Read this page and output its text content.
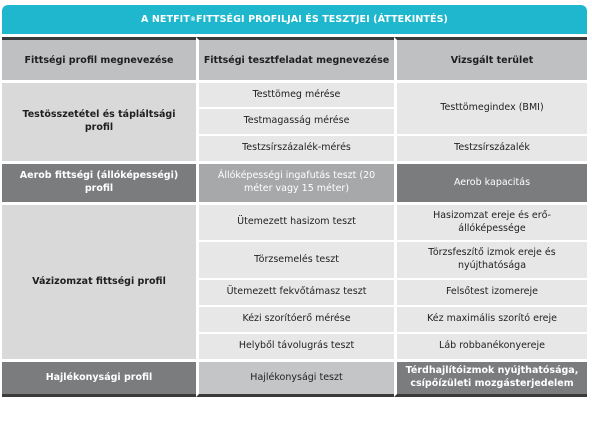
A NETFIT ® FITTSÉGI PROFILJAI ÉS TESZTJEI (ÁTTEKINTÉS)
Fittségi profil megnevezése	Fittségi tesztfeladat megnevezése	Vizsgált terület
Testösszetétel és tápláltsági profil	Testtömeg mérése	Testtömegindex (BMI)
	Testmagasság mérése	
	Testzsírszázalék-mérés	Testzsírszázalék
Aerob fittségi (állóképességi) profil	Állóképességi ingafutás teszt (20 méter vagy 15 méter)	Aerob kapacitás
Vázizomzat fittségi profil	Ütemezett hasizom teszt	Hasizomzat ereje és erő-állóképessége
	Törzsemelés teszt	Törzsfeszítő izmok ereje és nyújthatósága
	Ütemezett fekvőtámasz teszt	Felsőtest izomereje
	Kézi szorítóerő mérése	Kéz maximális szorító ereje
	Helyből távolugrás teszt	Láb robbanékonyereje
Hajlékonysági profil	Hajlékonysági teszt	Térdhajlítóizmok nyújthatósága, csípőízületi mozgásterjedelem
